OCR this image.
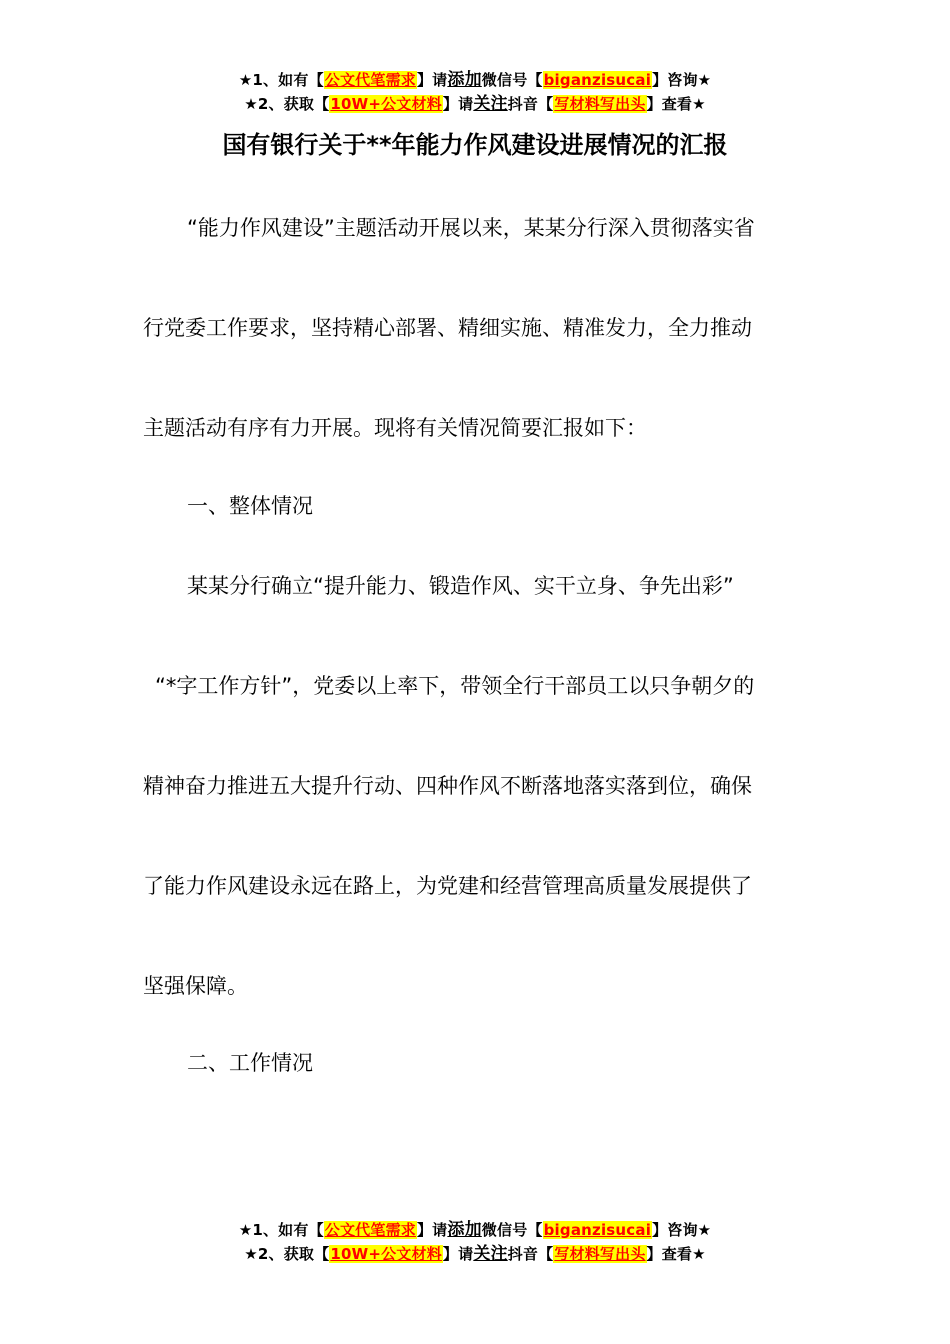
★1、如有【公文代笔需求】请添加微信号【biganzisucai】咨询★
★2、获取【10W+公文材料】请关注抖音【写材料写出头】查看★
国有银行关于**年能力作风建设进展情况的汇报
“能力作风建设”主题活动开展以来，某某分行深入贯彻落实省
行党委工作要求，坚持精心部署、精细实施、精准发力，全力推动
主题活动有序有力开展。现将有关情况简要汇报如下：
一、整体情况
某某分行确立“提升能力、锻造作风、实干立身、争先出彩”
“*字工作方针”，党委以上率下，带领全行干部员工以只争朝夕的
精神奋力推进五大提升行动、四种作风不断落地落实落到位，确保
了能力作风建设永远在路上，为党建和经营管理高质量发展提供了
坚强保障。
二、工作情况
★1、如有【公文代笔需求】请添加微信号【biganzisucai】咨询★
★2、获取【10W+公文材料】请关注抖音【写材料写出头】查看★
